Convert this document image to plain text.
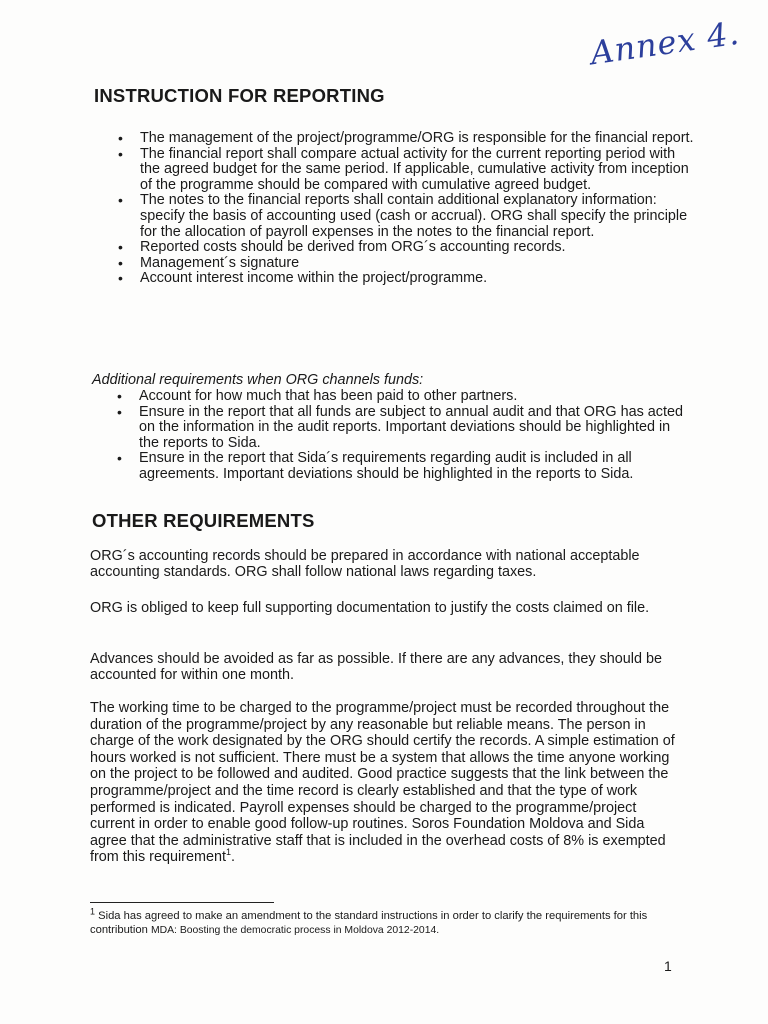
Annex 4.
INSTRUCTION FOR REPORTING
• The management of the project/programme/ORG is responsible for the financial report.
• The financial report shall compare actual activity for the current reporting period with the agreed budget for the same period. If applicable, cumulative activity from inception of the programme should be compared with cumulative agreed budget.
• The notes to the financial reports shall contain additional explanatory information: specify the basis of accounting used (cash or accrual). ORG shall specify the principle for the allocation of payroll expenses in the notes to the financial report.
• Reported costs should be derived from ORG´s accounting records.
• Management´s signature
• Account interest income within the project/programme.

Additional requirements when ORG channels funds:

• Account for how much that has been paid to other partners.
• Ensure in the report that all funds are subject to annual audit and that ORG has acted on the information in the audit reports. Important deviations should be highlighted in the reports to Sida.
• Ensure in the report that Sida´s requirements regarding audit is included in all agreements. Important deviations should be highlighted in the reports to Sida.
OTHER REQUIREMENTS

ORG´s accounting records should be prepared in accordance with national acceptable accounting standards. ORG shall follow national laws regarding taxes.

ORG is obliged to keep full supporting documentation to justify the costs claimed on file.

Advances should be avoided as far as possible. If there are any advances, they should be accounted for within one month.

The working time to be charged to the programme/project must be recorded throughout the duration of the programme/project by any reasonable but reliable means. The person in charge of the work designated by the ORG should certify the records. A simple estimation of hours worked is not sufficient. There must be a system that allows the time anyone working on the project to be followed and audited. Good practice suggests that the link between the programme/project and the time record is clearly established and that the type of work performed is indicated. Payroll expenses should be charged to the programme/project current in order to enable good follow-up routines. Soros Foundation Moldova and Sida agree that the administrative staff that is included in the overhead costs of 8% is exempted from this requirement$^1$.

$^1$ Sida has agreed to make an amendment to the standard instructions in order to clarify the requirements for this contribution MDA: Boosting the democratic process in Moldova 2012-2014.

1
